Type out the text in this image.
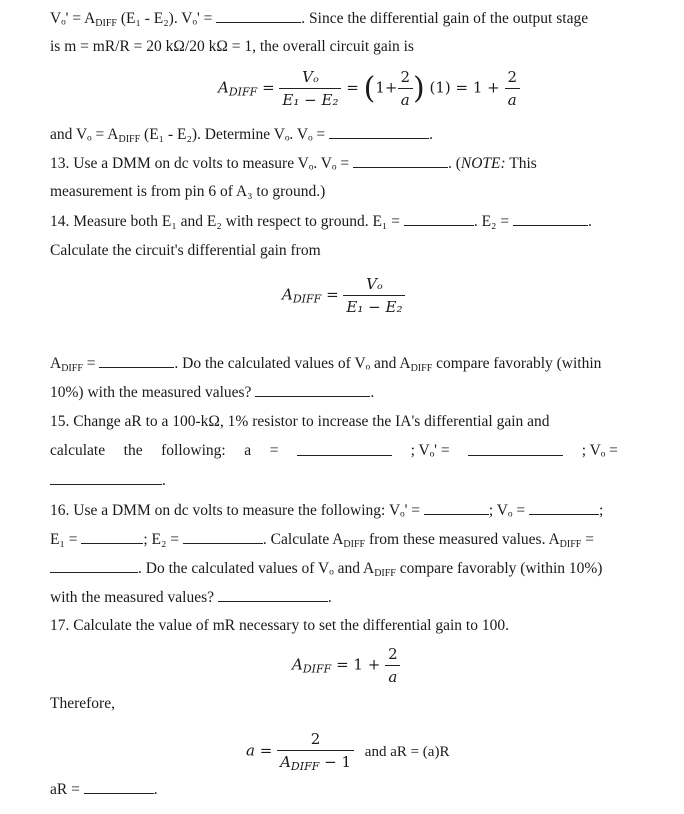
$V_o' = A_{DIFF}$ (E₁ - E₂). Vₒ' =	. Since the differential gain of the output stage
is m = mR/R = 20 kΩ/20 kΩ = 1, the overall circuit gain is
$A_{DIFF} = \frac{\text{Vₒ}}{\text{E₁ − E₂}} = (1+ \frac{2}{a}$ ) $(1) = 1 + \frac{2}{a}$
and $V_o = A_{DIFF}$ (E₁ - E₂). Determine Vₒ. Vₒ =	.
13. Use a DMM on dc volts to measure Vₒ. Vₒ =	. (NOTE: This
measurement is from pin 6 of A₃ to ground.)
14. Measure both E₁ and E₂ with respect to ground. E₁ =	. E₂ =	.
Calculate the circuit's differential gain from
$A_{DIFF} = \frac{\text{Vₒ}}{\text{E₁ − E₂}}$
$A_{DIFF}$ =	. Do the calculated values of Vₒ and $A_{DIFF}$ compare favorably (within
10%) with the measured values?	.
15. Change aR to a 100-kΩ, 1% resistor to increase the IA's differential gain and
calculate the following: a =	; Vₒ' =	; Vₒ =
.
16. Use a DMM on dc volts to measure the following: Vₒ' =	; Vₒ =	;
E₁ =	; E₂ =	. Calculate $A_{DIFF}$ from these measured values. $A_{DIFF}$ =
. Do the calculated values of Vₒ and $A_{DIFF}$ compare favorably (within 10%)
with the measured values?	.
17. Calculate the value of mR necessary to set the differential gain to 100.
$A_{DIFF} = 1 + \frac{2}{a}$
Therefore,
$a = \frac{2}{A_{DIFF} - 1}$ and aR = (a)R
aR =	.
